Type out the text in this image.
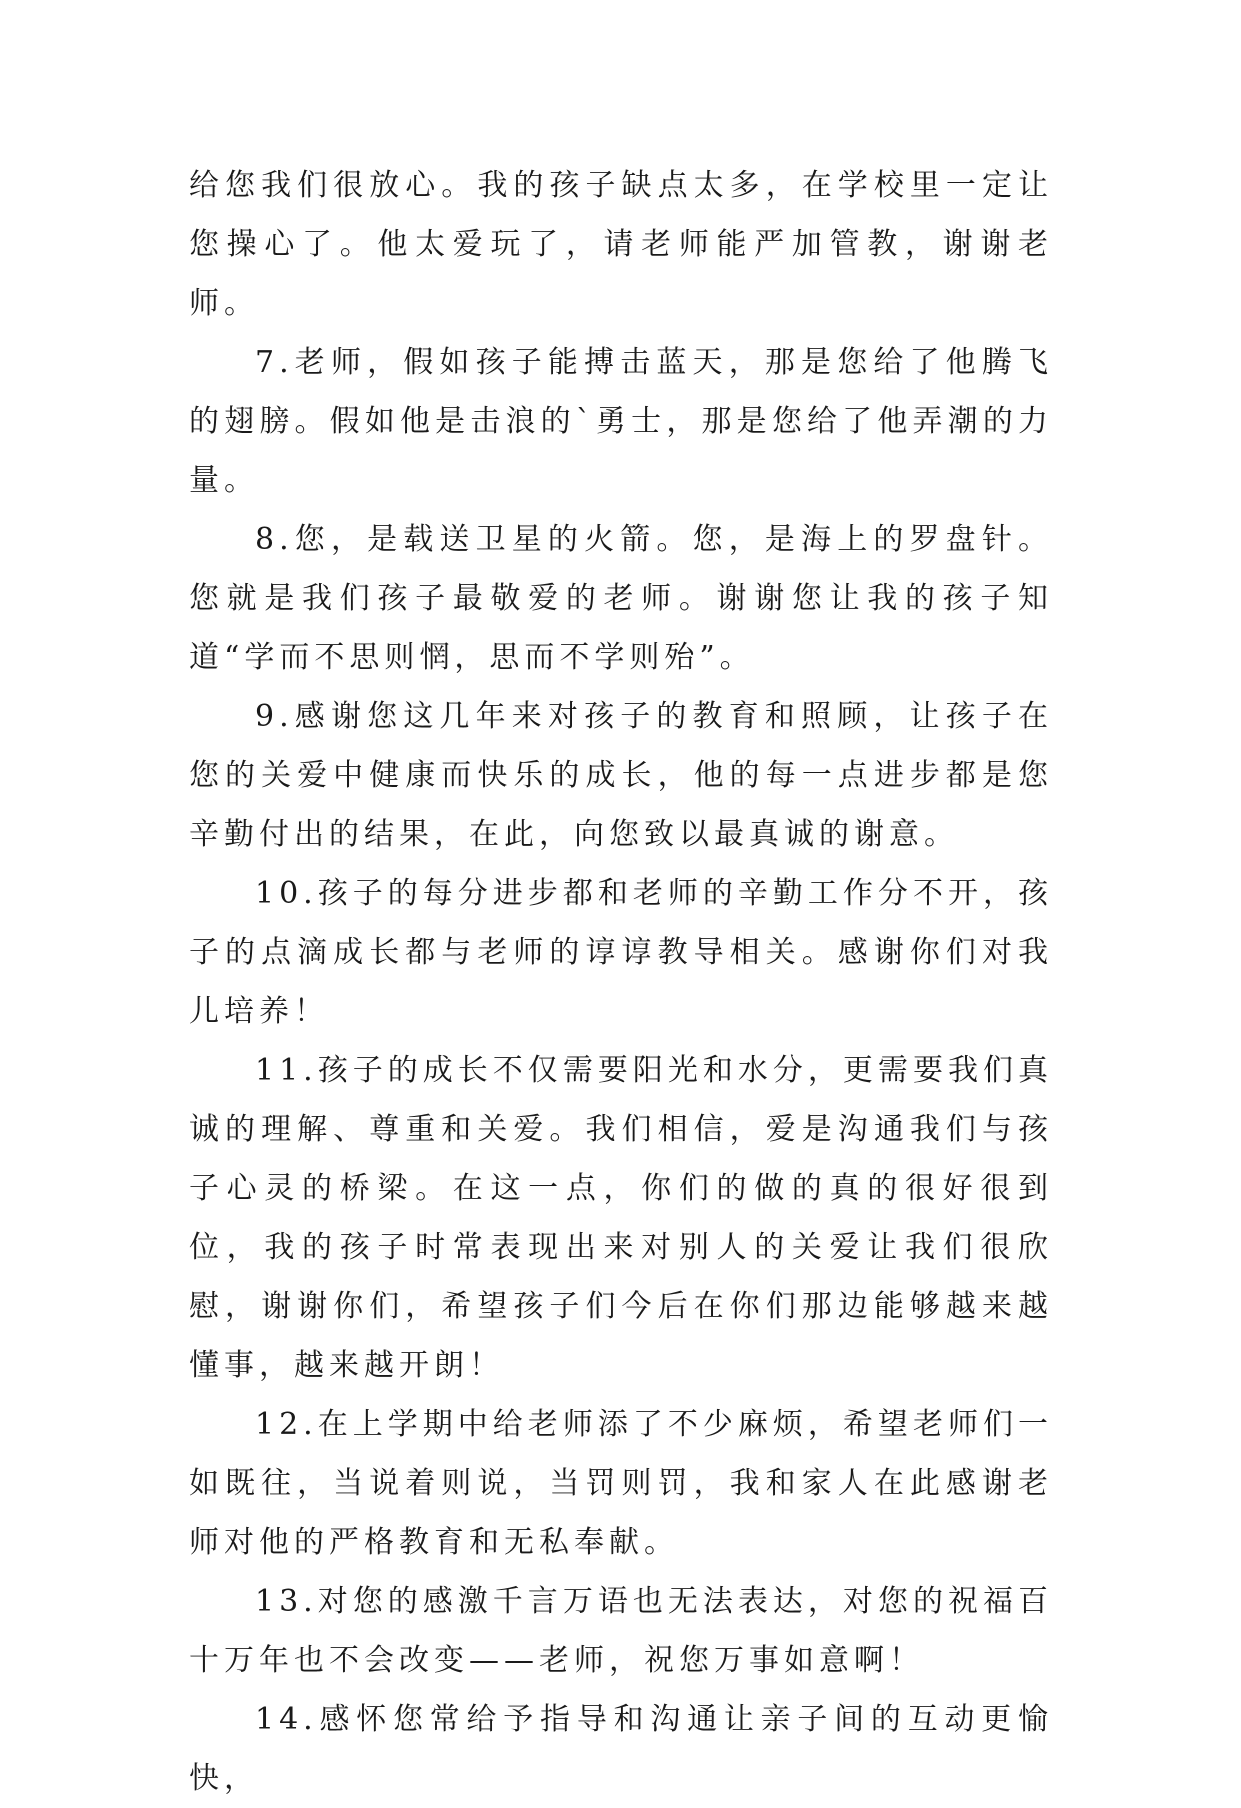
给您我们很放心。我的孩子缺点太多，在学校里一定让您操心了。他太爱玩了，请老师能严加管教，谢谢老师。

7.老师，假如孩子能搏击蓝天，那是您给了他腾飞的翅膀。假如他是击浪的`勇士，那是您给了他弄潮的力量。

8.您，是载送卫星的火箭。您，是海上的罗盘针。您就是我们孩子最敬爱的老师。谢谢您让我的孩子知道“学而不思则惘，思而不学则殆”。

9.感谢您这几年来对孩子的教育和照顾，让孩子在您的关爱中健康而快乐的成长，他的每一点进步都是您辛勤付出的结果，在此，向您致以最真诚的谢意。

10.孩子的每分进步都和老师的辛勤工作分不开，孩子的点滴成长都与老师的谆谆教导相关。感谢你们对我儿培养！

11.孩子的成长不仅需要阳光和水分，更需要我们真诚的理解、尊重和关爱。我们相信，爱是沟通我们与孩子心灵的桥梁。在这一点，你们的做的真的很好很到位，我的孩子时常表现出来对别人的关爱让我们很欣慰，谢谢你们，希望孩子们今后在你们那边能够越来越懂事，越来越开朗！

12.在上学期中给老师添了不少麻烦，希望老师们一如既往，当说着则说，当罚则罚，我和家人在此感谢老师对他的严格教育和无私奉献。

13.对您的感激千言万语也无法表达，对您的祝福百十万年也不会改变——老师，祝您万事如意啊！

14.感怀您常给予指导和沟通让亲子间的互动更愉快，
